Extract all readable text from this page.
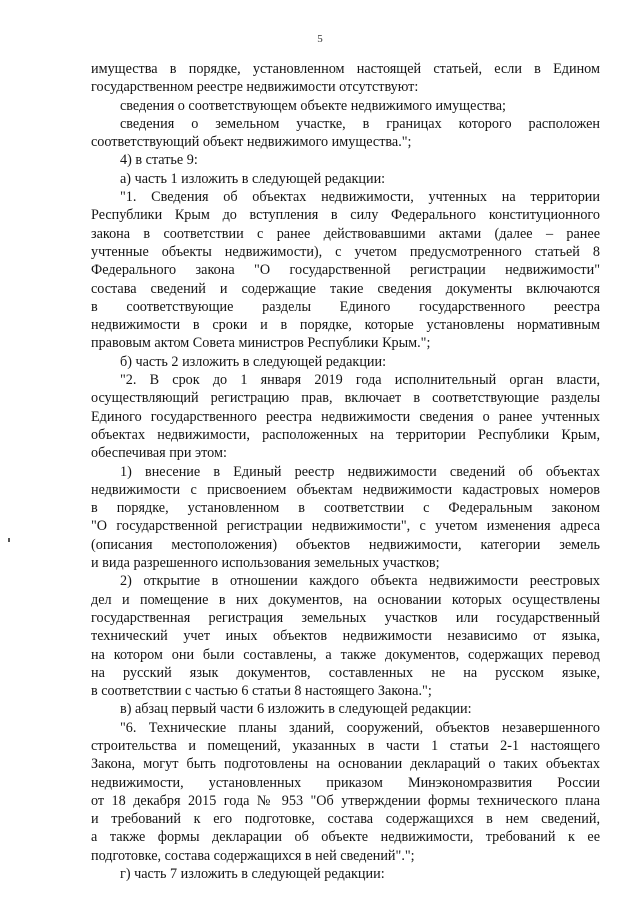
5
имущества в порядке, установленном настоящей статьей, если в Едином
государственном реестре недвижимости отсутствуют:
сведения о соответствующем объекте недвижимого имущества;
сведения о земельном участке, в границах которого расположен
соответствующий объект недвижимого имущества.";
4) в статье 9:
а) часть 1 изложить в следующей редакции:
"1. Сведения об объектах недвижимости, учтенных на территории
Республики Крым до вступления в силу Федерального конституционного
закона в соответствии с ранее действовавшими актами (далее – ранее
учтенные объекты недвижимости), с учетом предусмотренного статьей 8
Федерального закона "О государственной регистрации недвижимости"
состава сведений и содержащие такие сведения документы включаются
в соответствующие разделы Единого государственного реестра
недвижимости в сроки и в порядке, которые установлены нормативным
правовым актом Совета министров Республики Крым.";
б) часть 2 изложить в следующей редакции:
"2. В срок до 1 января 2019 года исполнительный орган власти,
осуществляющий регистрацию прав, включает в соответствующие разделы
Единого государственного реестра недвижимости сведения о ранее учтенных
объектах недвижимости, расположенных на территории Республики Крым,
обеспечивая при этом:
1) внесение в Единый реестр недвижимости сведений об объектах
недвижимости с присвоением объектам недвижимости кадастровых номеров
в порядке, установленном в соответствии с Федеральным законом
"О государственной регистрации недвижимости", с учетом изменения адреса
(описания местоположения) объектов недвижимости, категории земель
и вида разрешенного использования земельных участков;
2) открытие в отношении каждого объекта недвижимости реестровых
дел и помещение в них документов, на основании которых осуществлены
государственная регистрация земельных участков или государственный
технический учет иных объектов недвижимости независимо от языка,
на котором они были составлены, а также документов, содержащих перевод
на русский язык документов, составленных не на русском языке,
в соответствии с частью 6 статьи 8 настоящего Закона.";
в) абзац первый части 6 изложить в следующей редакции:
"6. Технические планы зданий, сооружений, объектов незавершенного
строительства и помещений, указанных в части 1 статьи 2-1 настоящего
Закона, могут быть подготовлены на основании деклараций о таких объектах
недвижимости, установленных приказом Минэкономразвития России
от 18 декабря 2015 года № 953 "Об утверждении формы технического плана
и требований к его подготовке, состава содержащихся в нем сведений,
а также формы декларации об объекте недвижимости, требований к ее
подготовке, состава содержащихся в ней сведений".";
г) часть 7 изложить в следующей редакции:
